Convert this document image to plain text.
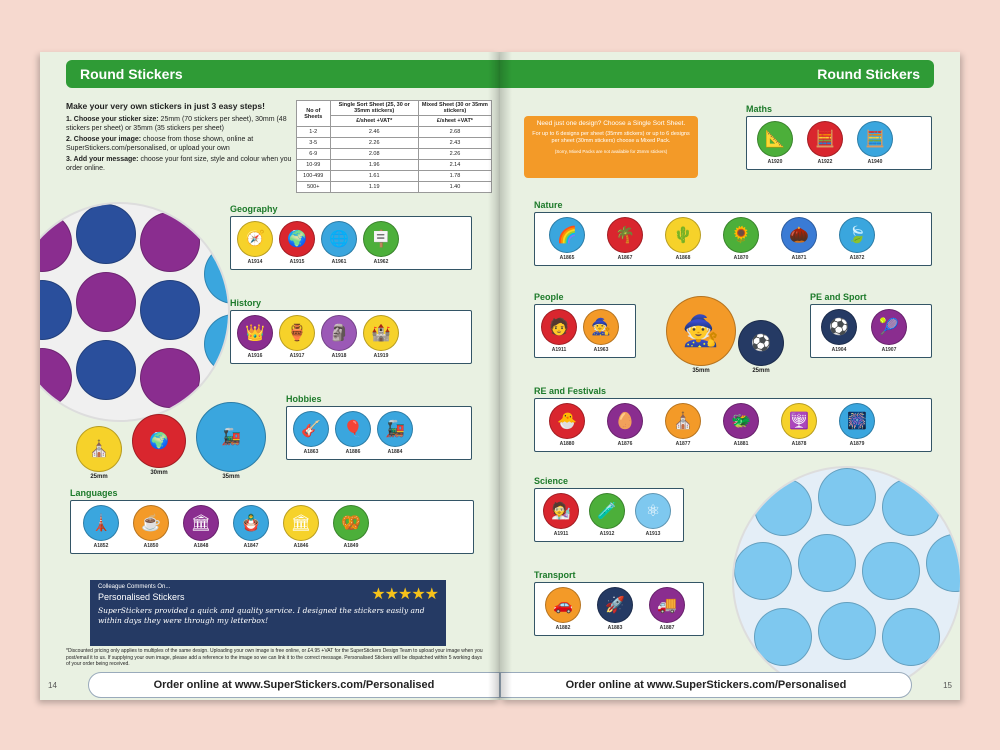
Round Stickers
Make your very own stickers in just 3 easy steps!

1. Choose your sticker size: 25mm (70 stickers per sheet), 30mm (48 stickers per sheet) or 35mm (35 stickers per sheet)

2. Choose your image: choose from those shown, online at SuperStickers.com/personalised, or upload your own

3. Add your message: choose your font size, style and colour when you order online.

No of Sheets	Single Sort Sheet (25, 30 or 35mm stickers)	Mixed Sheet (30 or 35mm stickers)
	£/sheet +VAT*	£/sheet +VAT*
1-2	2.46	2.68
3-5	2.26	2.43
6-9	2.08	2.26
10-99	1.96	2.14
100-499	1.61	1.78
500+	1.19	1.40
⛪
25mm
🌍
30mm
🚂
35mm
Geography
🧭
A1914
🌍
A1915
🌐
A1961
🪧
A1962
History
👑
A1916
🏺
A1917
🗿
A1918
🏰
A1919
Hobbies
🎸
A1863
🎈
A1886
🚂
A1884
Languages
🗼
A1852
☕
A1850
🏛
A1848
🪆
A1847
🏛
A1846
🥨
A1849
Colleague Comments On...
Personalised Stickers	★★★★★
SuperStickers provided a quick and quality service. I designed the stickers easily and within days they were through my letterbox!
*Discounted pricing only applies to multiples of the same design. Uploading your own image is free online, or £4.95 +VAT for the SuperStickers Design Team to upload your image when you post/email it to us. If supplying your own image, please add a reference to the image so we can link it to the correct message. Personalised Stickers will be dispatched within 5 working days of your order being received.
14	Order online at www.SuperStickers.com/Personalised
Round Stickers
Need just one design? Choose a Single Sort Sheet.
For up to 6 designs per sheet (35mm stickers) or up to 6 designs per sheet (30mm stickers) choose a Mixed Pack.
(Sorry, Mixed Packs are not available for 25mm stickers)
Maths
📐
A1920
🧮
A1922
🧮
A1940
Nature
🌈
A1865
🌴
A1867
🌵
A1868
🌻
A1870
🌰
A1871
🍃
A1872
People
🧑
A1911
🧙
A1963
🧙
35mm
⚽
25mm
PE and Sport
⚽
A1904
🎾
A1907
RE and Festivals
🐣
A1880
🥚
A1876
⛪
A1877
🐲
A1881
🕎
A1878
🎆
A1879
Science
🧑‍🔬
A1911
🧪
A1912
⚛
A1913
Transport
🚗
A1882
🚀
A1883
🚚
A1887
15
Order online at www.SuperStickers.com/Personalised
